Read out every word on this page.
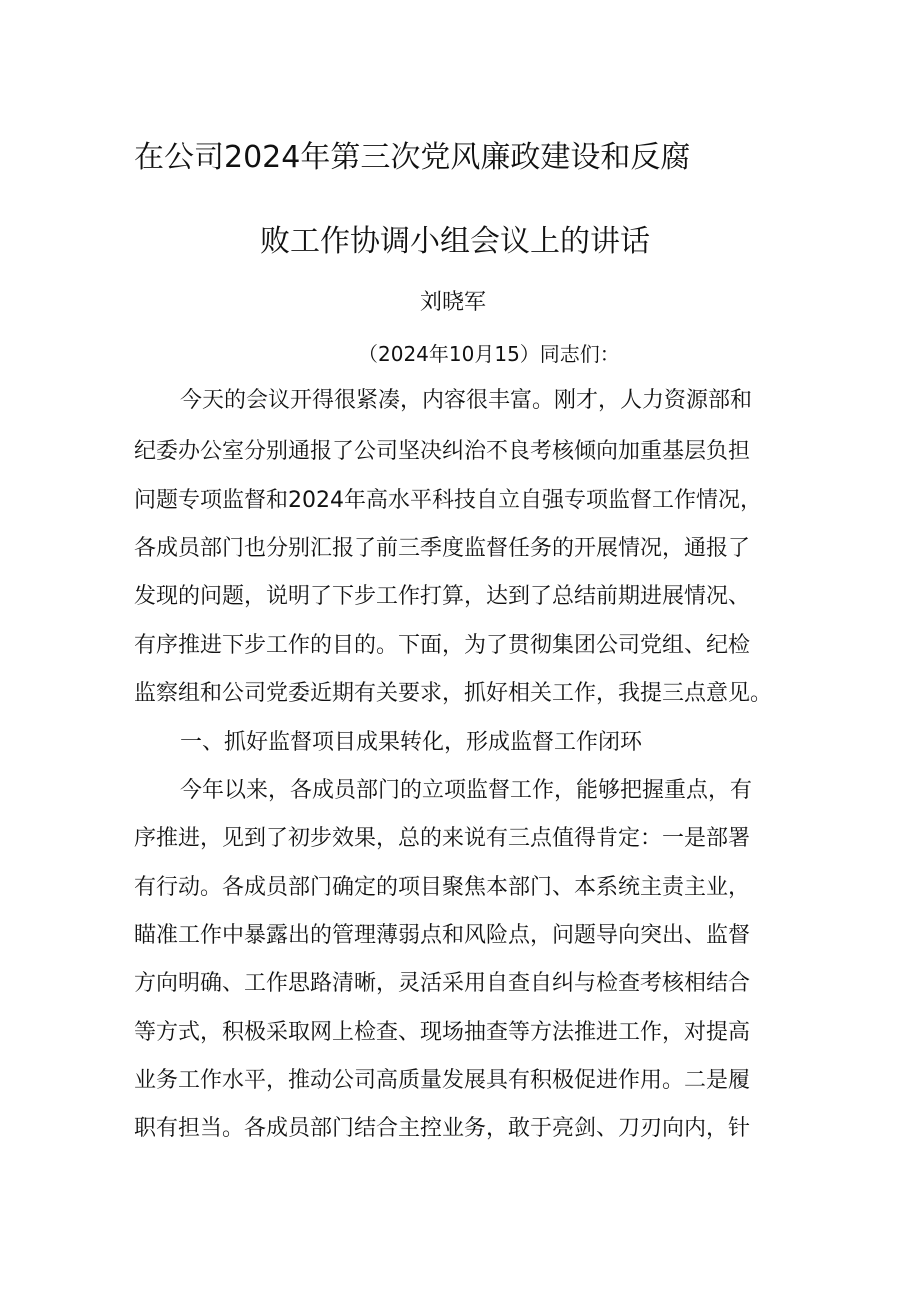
在公司2024年第三次党风廉政建设和反腐
败工作协调小组会议上的讲话
刘晓军
（2024年10月15）同志们：
今天的会议开得很紧凑，内容很丰富。刚才，人力资源部和
纪委办公室分别通报了公司坚决纠治不良考核倾向加重基层负担
问题专项监督和2024年高水平科技自立自强专项监督工作情况，
各成员部门也分别汇报了前三季度监督任务的开展情况，通报了
发现的问题，说明了下步工作打算，达到了总结前期进展情况、
有序推进下步工作的目的。下面，为了贯彻集团公司党组、纪检
监察组和公司党委近期有关要求，抓好相关工作，我提三点意见。
一、抓好监督项目成果转化，形成监督工作闭环
今年以来，各成员部门的立项监督工作，能够把握重点，有
序推进，见到了初步效果，总的来说有三点值得肯定：一是部署
有行动。各成员部门确定的项目聚焦本部门、本系统主责主业，
瞄准工作中暴露出的管理薄弱点和风险点，问题导向突出、监督
方向明确、工作思路清晰，灵活采用自查自纠与检查考核相结合
等方式，积极采取网上检查、现场抽查等方法推进工作，对提高
业务工作水平，推动公司高质量发展具有积极促进作用。二是履
职有担当。各成员部门结合主控业务，敢于亮剑、刀刃向内，针
